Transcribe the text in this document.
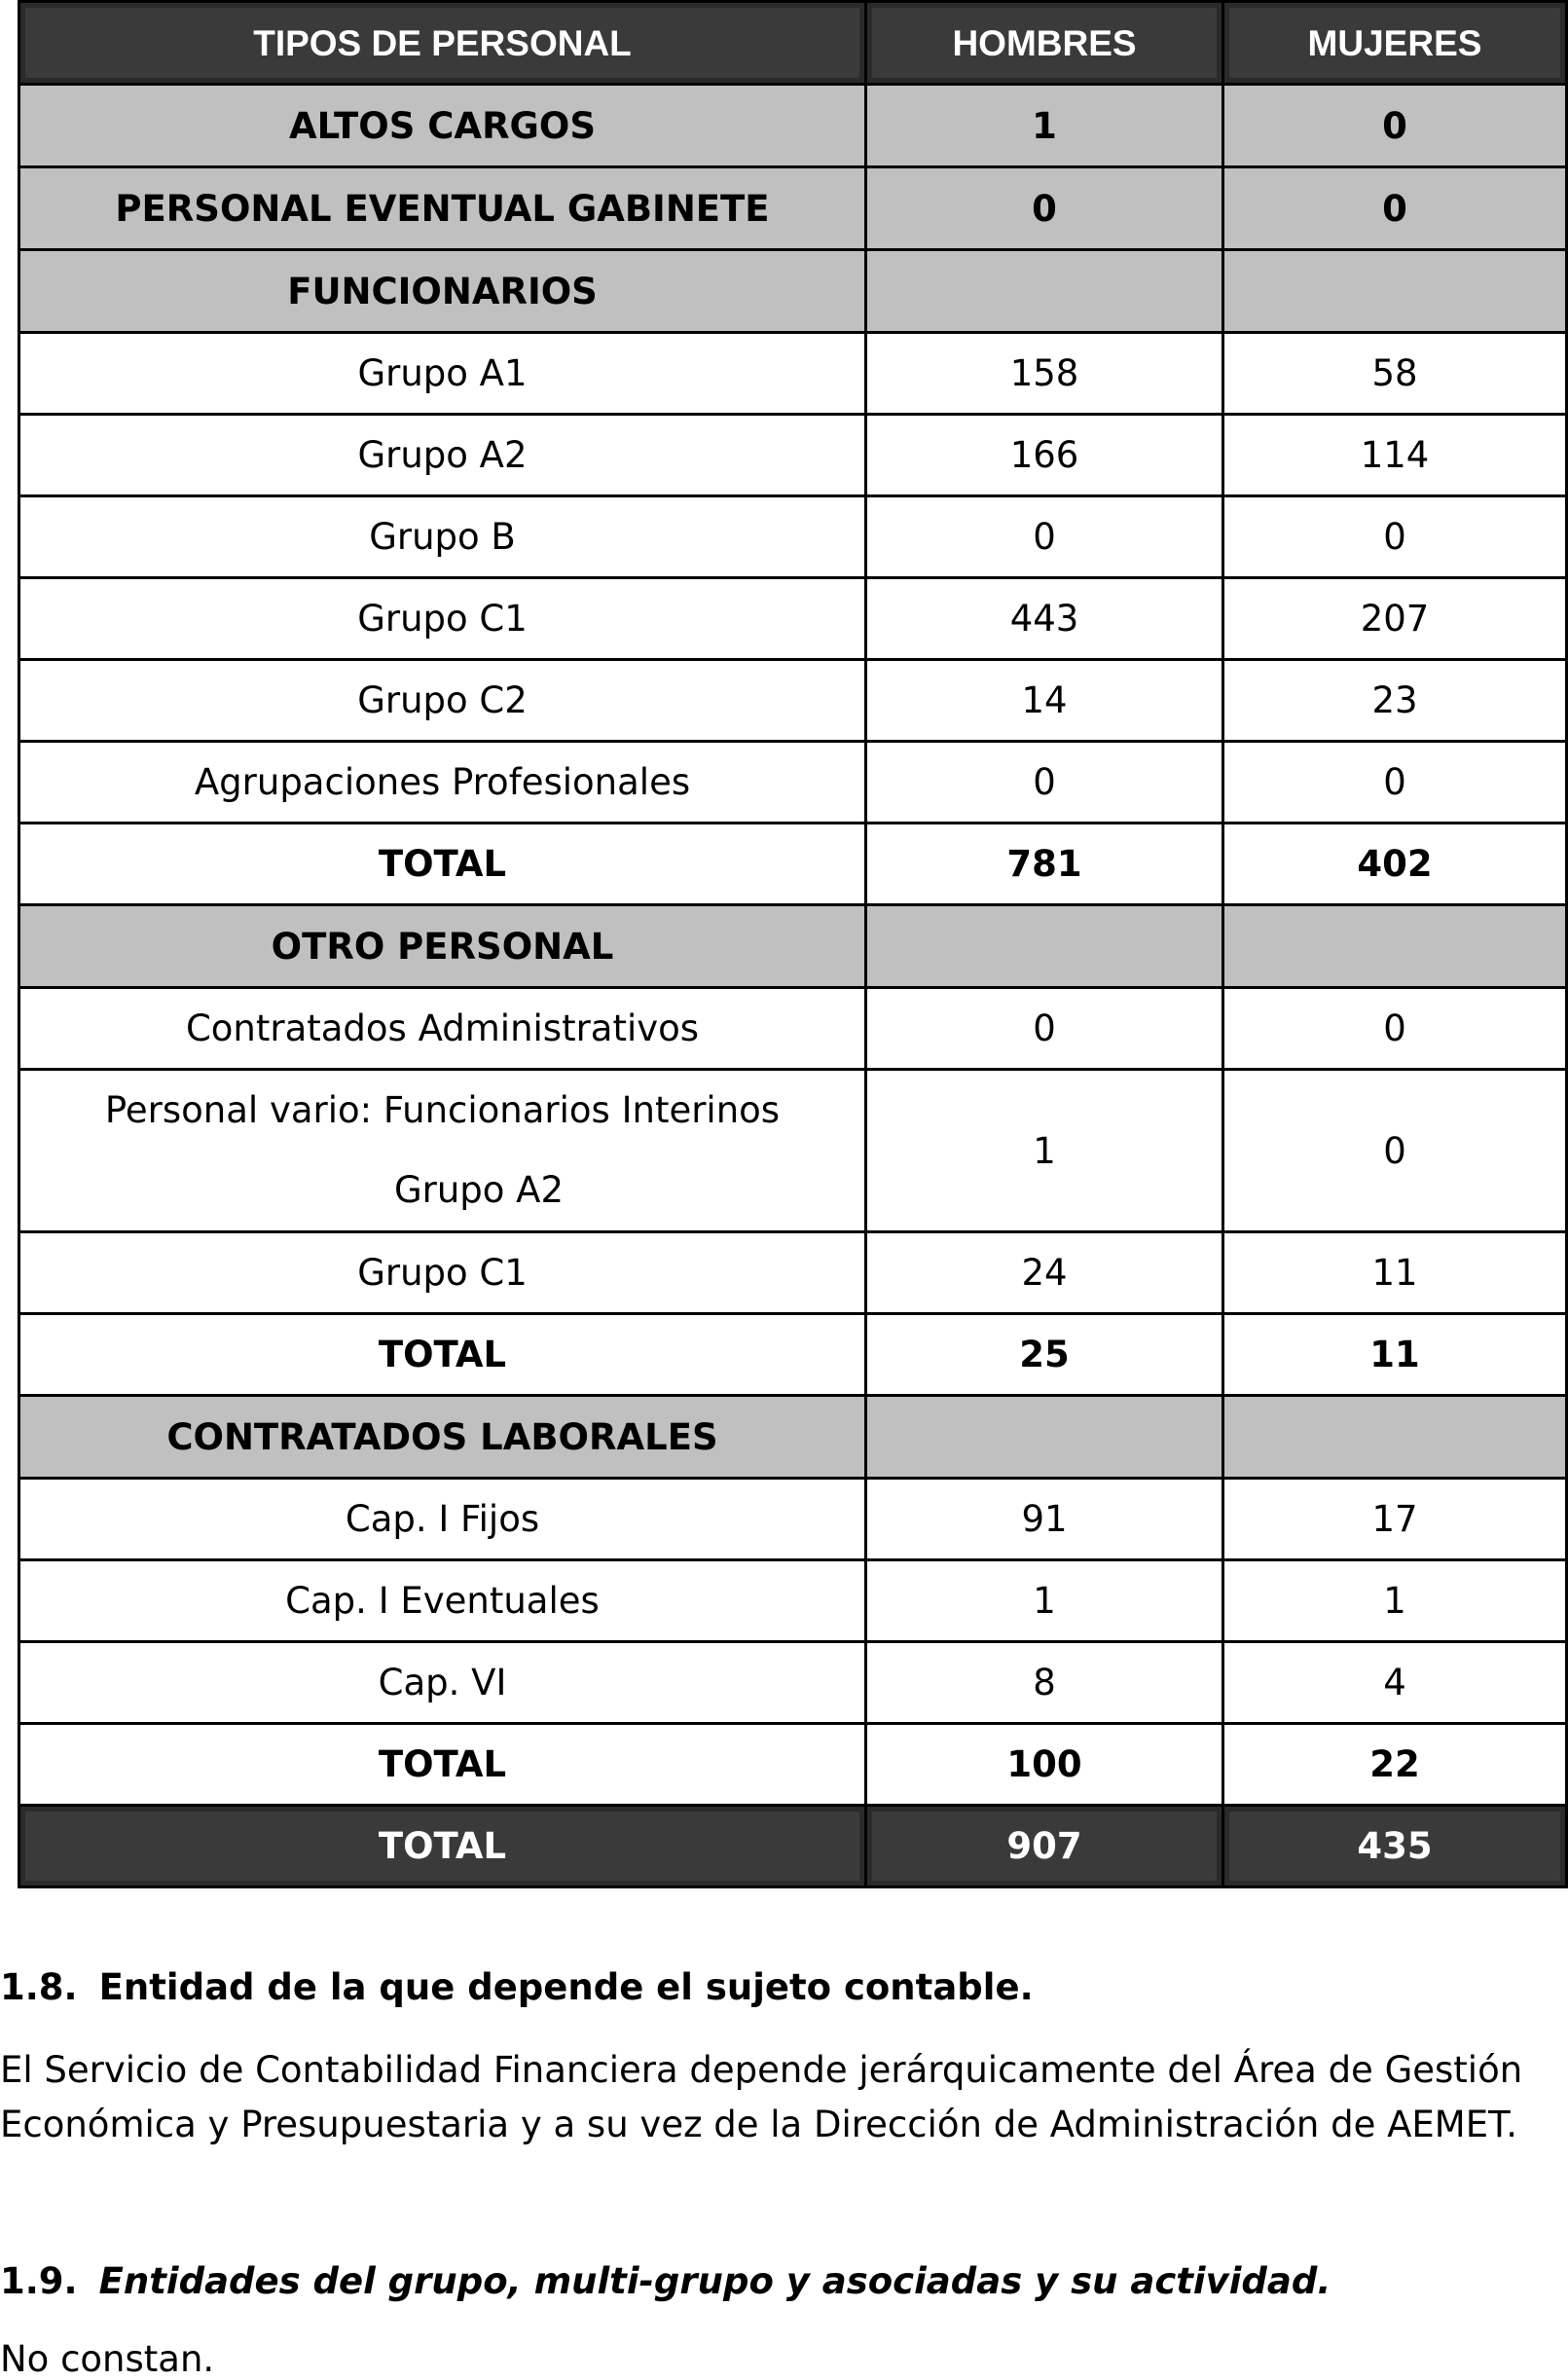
TIPOS DE PERSONAL	HOMBRES	MUJERES
ALTOS CARGOS	1	0
PERSONAL EVENTUAL GABINETE	0	0
FUNCIONARIOS		
Grupo A1	158	58
Grupo A2	166	114
Grupo B	0	0
Grupo C1	443	207
Grupo C2	14	23
Agrupaciones Profesionales	0	0
TOTAL	781	402
OTRO PERSONAL		
Contratados Administrativos	0	0

Personal vario: Funcionarios Interinos
Grupo A2	1	0
Grupo C1	24	11
TOTAL	25	11
CONTRATADOS LABORALES		
Cap. I Fijos	91	17
Cap. I Eventuales	1	1
Cap. VI	8	4
TOTAL	100	22
TOTAL	907	435

1.8. Entidad de la que depende el sujeto contable.

El Servicio de Contabilidad Financiera depende jerárquicamente del Área de Gestión
Económica y Presupuestaria y a su vez de la Dirección de Administración de AEMET.

1.9. Entidades del grupo, multi-grupo y asociadas y su actividad.

No constan.
